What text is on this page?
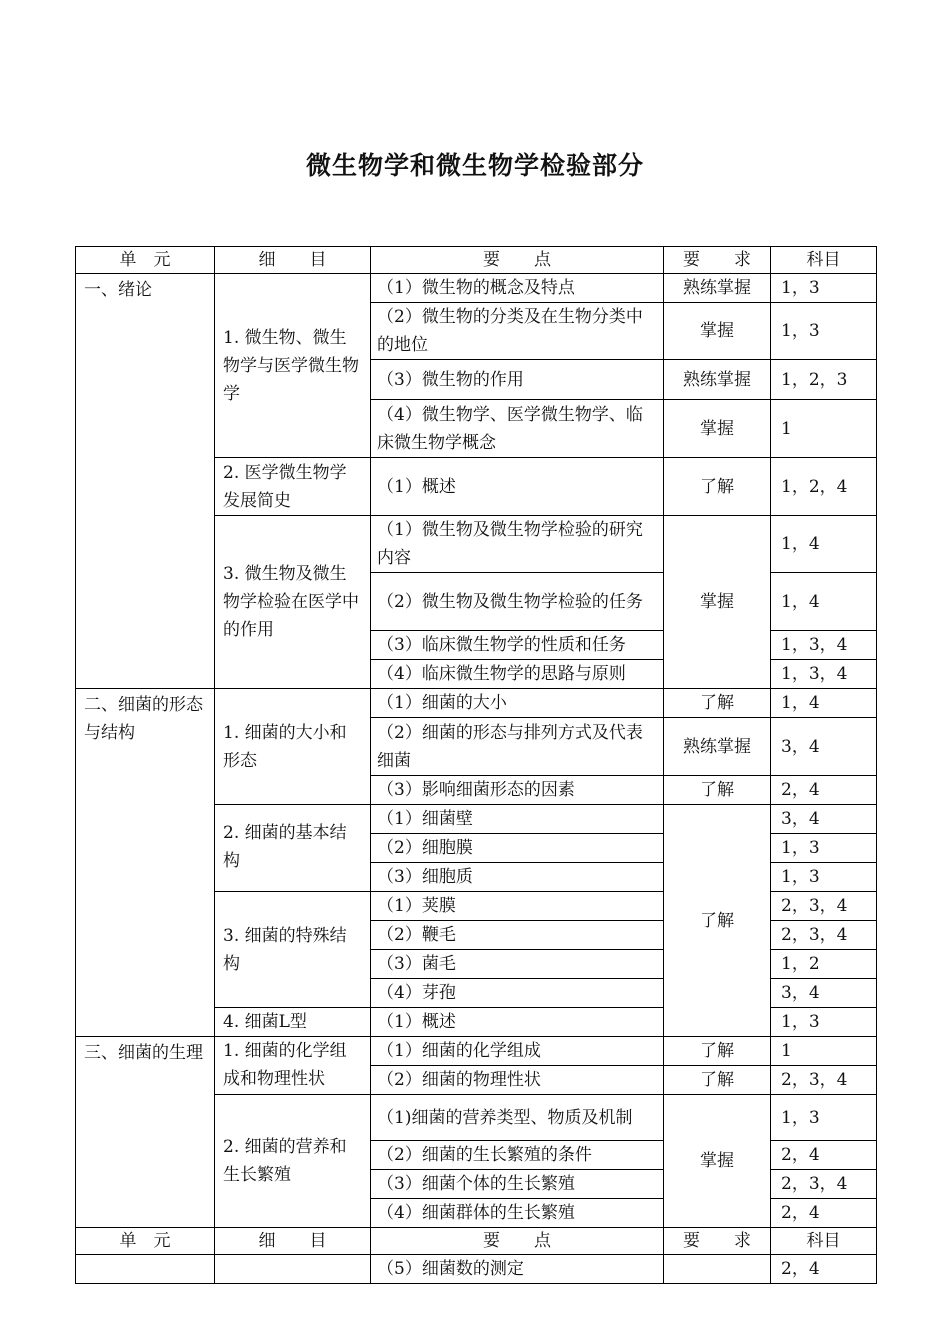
微生物学和微生物学检验部分
单　元	细　　目	要　　点	要　　求	科目
一、绪论	1. 微生物、微生物学与医学微生物学	（1）微生物的概念及特点	熟练掌握	1，3
		（2）微生物的分类及在生物分类中的地位	掌握	1，3
		（3）微生物的作用	熟练掌握	1，2，3
		（4）微生物学、医学微生物学、临床微生物学概念	掌握	1
	2. 医学微生物学发展简史	（1）概述	了解	1，2，4
	3. 微生物及微生物学检验在医学中的作用	（1）微生物及微生物学检验的研究内容	掌握	1，4
		（2）微生物及微生物学检验的任务		1，4
		（3）临床微生物学的性质和任务		1，3，4
		（4）临床微生物学的思路与原则		1，3，4
二、细菌的形态与结构	1. 细菌的大小和形态	（1）细菌的大小	了解	1，4
		（2）细菌的形态与排列方式及代表细菌	熟练掌握	3，4
		（3）影响细菌形态的因素	了解	2，4
	2. 细菌的基本结构	（1）细菌壁	了解	3，4
		（2）细胞膜		1，3
		（3）细胞质		1，3
	3. 细菌的特殊结构	（1）荚膜		2，3，4
		（2）鞭毛		2，3，4
		（3）菌毛		1，2
		（4）芽孢		3，4
	4. 细菌L型	（1）概述		1，3
三、细菌的生理	1. 细菌的化学组成和物理性状	（1）细菌的化学组成	了解	1
		（2）细菌的物理性状	了解	2，3，4
	2. 细菌的营养和生长繁殖	（1)细菌的营养类型、物质及机制	掌握	1，3
		（2）细菌的生长繁殖的条件		2，4
		（3）细菌个体的生长繁殖		2，3，4
		（4）细菌群体的生长繁殖		2，4
单　元	细　　目	要　　点	要　　求	科目
		（5）细菌数的测定		2，4
